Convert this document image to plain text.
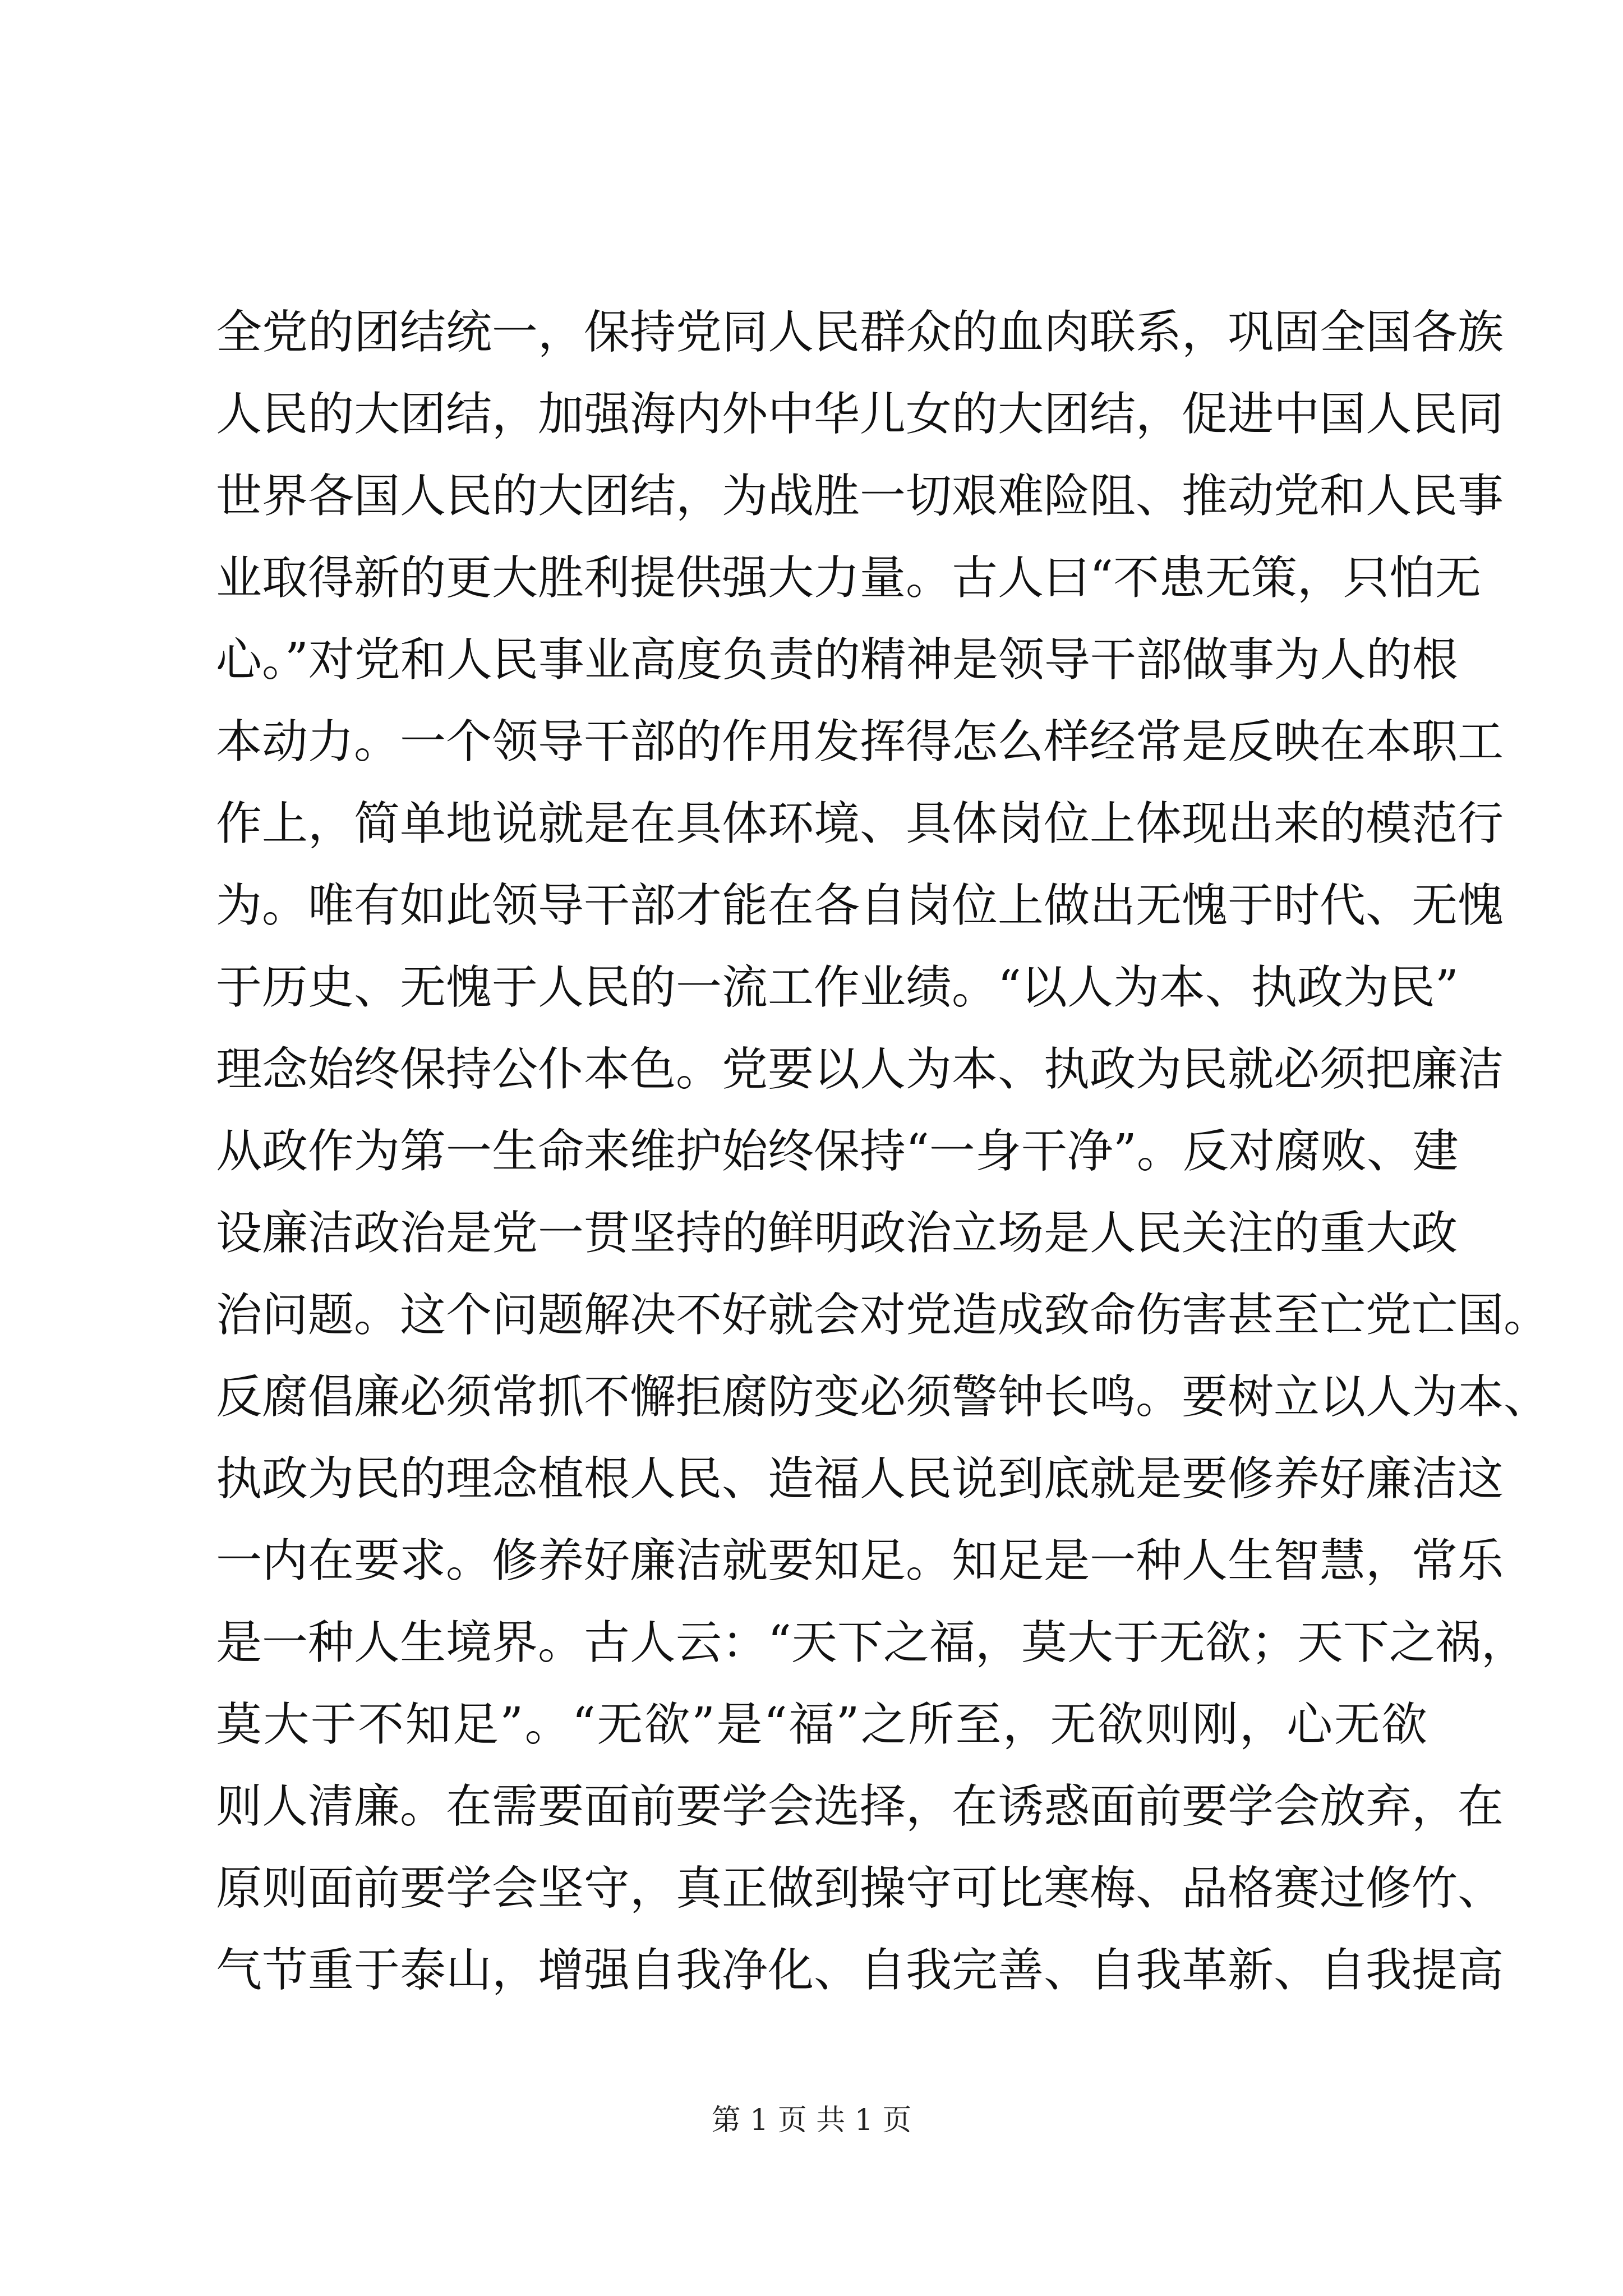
全党的团结统一，保持党同人民群众的血肉联系，巩固全国各族
人民的大团结，加强海内外中华儿女的大团结，促进中国人民同
世界各国人民的大团结，为战胜一切艰难险阻、推动党和人民事
业取得新的更大胜利提供强大力量。古人曰“不患无策，只怕无
心。”对党和人民事业高度负责的精神是领导干部做事为人的根
本动力。一个领导干部的作用发挥得怎么样经常是反映在本职工
作上，简单地说就是在具体环境、具体岗位上体现出来的模范行
为。唯有如此领导干部才能在各自岗位上做出无愧于时代、无愧
于历史、无愧于人民的一流工作业绩。“以人为本、执政为民”
理念始终保持公仆本色。党要以人为本、执政为民就必须把廉洁
从政作为第一生命来维护始终保持“一身干净”。反对腐败、建
设廉洁政治是党一贯坚持的鲜明政治立场是人民关注的重大政
治问题。这个问题解决不好就会对党造成致命伤害甚至亡党亡国。
反腐倡廉必须常抓不懈拒腐防变必须警钟长鸣。要树立以人为本、
执政为民的理念植根人民、造福人民说到底就是要修养好廉洁这
一内在要求。修养好廉洁就要知足。知足是一种人生智慧，常乐
是一种人生境界。古人云：“天下之福，莫大于无欲；天下之祸，
莫大于不知足”。“无欲”是“福”之所至，无欲则刚，心无欲
则人清廉。在需要面前要学会选择，在诱惑面前要学会放弃，在
原则面前要学会坚守，真正做到操守可比寒梅、品格赛过修竹、
气节重于泰山，增强自我净化、自我完善、自我革新、自我提高
第 1 页 共 1 页
